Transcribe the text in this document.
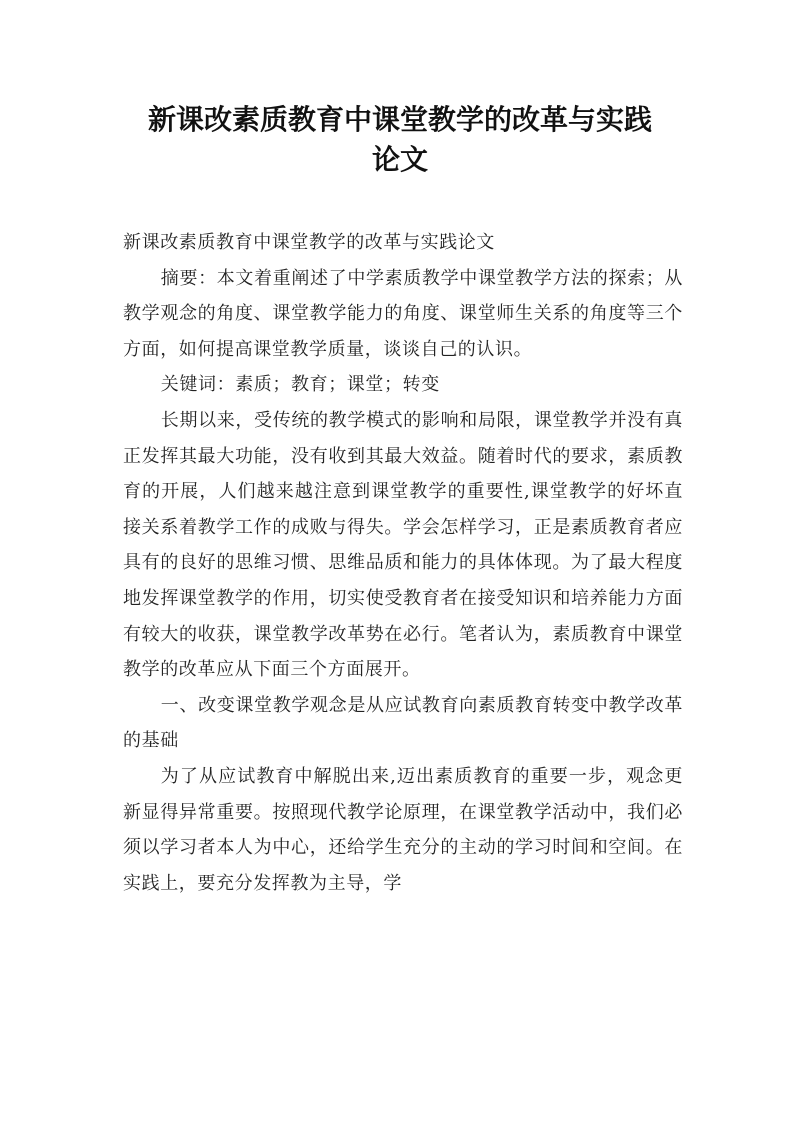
新课改素质教育中课堂教学的改革与实践
论文

新课改素质教育中课堂教学的改革与实践论文

摘要：本文着重阐述了中学素质教学中课堂教学方法的探索；从教学观念的角度、课堂教学能力的角度、课堂师生关系的角度等三个方面，如何提高课堂教学质量，谈谈自己的认识。

关键词：素质；教育；课堂；转变

长期以来，受传统的教学模式的影响和局限，课堂教学并没有真正发挥其最大功能，没有收到其最大效益。随着时代的要求，素质教育的开展，人们越来越注意到课堂教学的重要性,课堂教学的好坏直接关系着教学工作的成败与得失。学会怎样学习，正是素质教育者应具有的良好的思维习惯、思维品质和能力的具体体现。为了最大程度地发挥课堂教学的作用，切实使受教育者在接受知识和培养能力方面有较大的收获，课堂教学改革势在必行。笔者认为，素质教育中课堂教学的改革应从下面三个方面展开。

一、改变课堂教学观念是从应试教育向素质教育转变中教学改革的基础

为了从应试教育中解脱出来,迈出素质教育的重要一步，观念更新显得异常重要。按照现代教学论原理，在课堂教学活动中，我们必须以学习者本人为中心，还给学生充分的主动的学习时间和空间。在实践上，要充分发挥教为主导，学
